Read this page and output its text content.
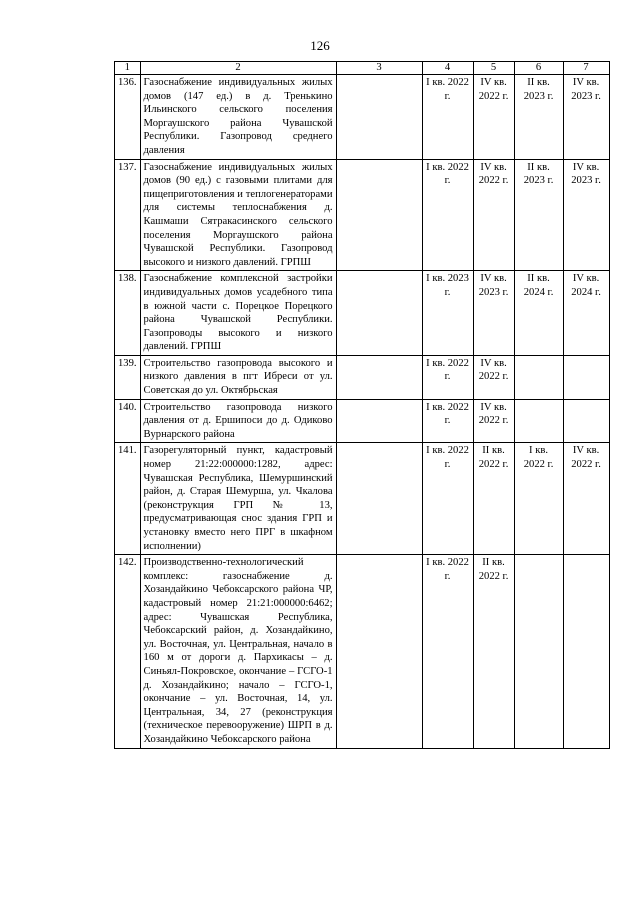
126
1	2	3	4	5	6	7
136.	Газоснабжение индивидуальных жилых домов (147 ед.) в д. Тренькино Ильинского сельского поселения Моргаушского района Чувашской Республики. Газопровод среднего давления		I кв. 2022 г.	IV кв. 2022 г.	II кв. 2023 г.	IV кв. 2023 г.
137.	Газоснабжение индивидуальных жилых домов (90 ед.) с газовыми плитами для пищеприготовления и теплогенераторами для системы теплоснабжения д. Кашмаши Сятракасинского сельского поселения Моргаушского района Чувашской Республики. Газопровод высокого и низкого давлений. ГРПШ		I кв. 2022 г.	IV кв. 2022 г.	II кв. 2023 г.	IV кв. 2023 г.
138.	Газоснабжение комплексной застройки индивидуальных домов усадебного типа в южной части с. Порецкое Порецкого района Чувашской Республики. Газопроводы высокого и низкого давлений. ГРПШ		I кв. 2023 г.	IV кв. 2023 г.	II кв. 2024 г.	IV кв. 2024 г.
139.	Строительство газопровода высокого и низкого давления в пгт Ибреси от ул. Советская до ул. Октябрьская		I кв. 2022 г.	IV кв. 2022 г.		
140.	Строительство газопровода низкого давления от д. Ершипоси до д. Одиково Вурнарского района		I кв. 2022 г.	IV кв. 2022 г.		
141.	Газорегуляторный пункт, кадастровый номер 21:22:000000:1282, адрес: Чувашская Республика, Шемуршинский район, д. Старая Шемурша, ул. Чкалова (реконструкция ГРП № 13, предусматривающая снос здания ГРП и установку вместо него ПРГ в шкафном исполнении)		I кв. 2022 г.	II кв. 2022 г.	I кв. 2022 г.	IV кв. 2022 г.
142.	Производственно-технологический комплекс: газоснабжение д. Хозандайкино Чебоксарского района ЧР, кадастровый номер 21:21:000000:6462; адрес: Чувашская Республика, Чебоксарский район, д. Хозандайкино, ул. Восточная, ул. Центральная, начало в 160 м от дороги д. Пархикасы – д. Синьял-Покровское, окончание – ГСГО-1 д. Хозандайкино; начало – ГСГО-1, окончание – ул. Восточная, 14, ул. Центральная, 34, 27 (реконструкция (техническое перевооружение) ШРП в д. Хозандайкино Чебоксарского района		I кв. 2022 г.	II кв. 2022 г.		
